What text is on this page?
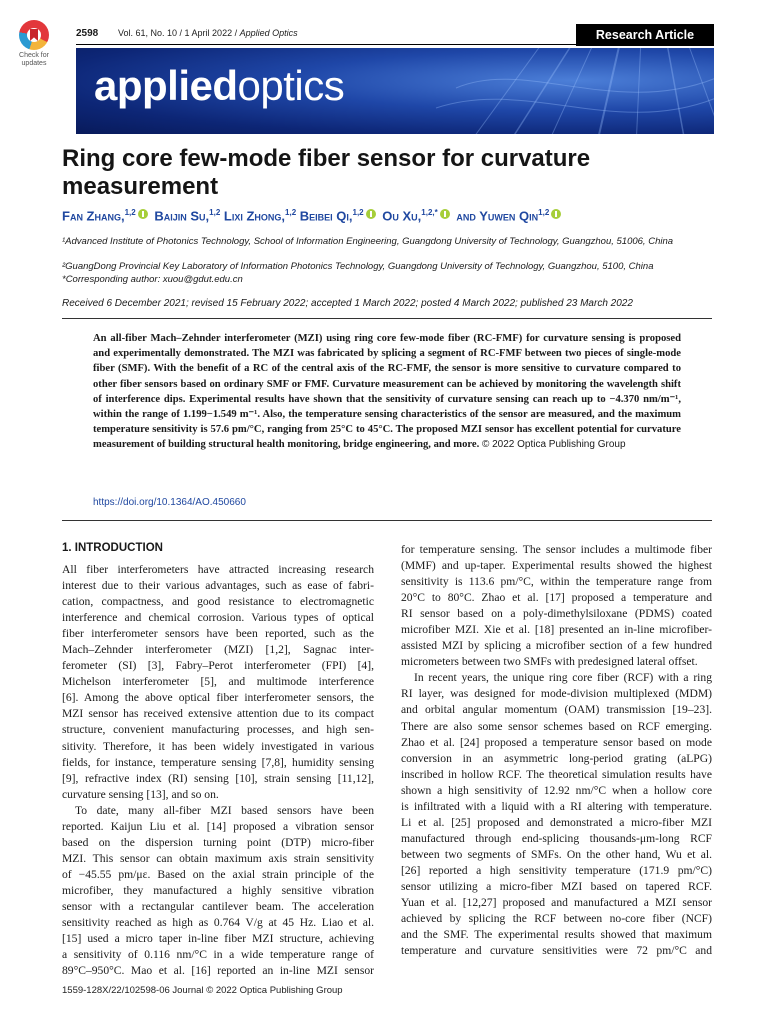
Check for updates
2598 Vol. 61, No. 10 / 1 April 2022 / Applied Optics	Research Article
appliedoptics
Ring core few-mode fiber sensor for curvature measurement
Fan Zhang,$^{1,2}$ Baijin Su,$^{1,2}$ Lixi Zhong,$^{1,2}$ Beibei Qi,$^{1,2}$ Ou Xu,$^{1,2,*}$ and Yuwen Qin$^{1,2}$
¹Advanced Institute of Photonics Technology, School of Information Engineering, Guangdong University of Technology, Guangzhou, 51006, China
²GuangDong Provincial Key Laboratory of Information Photonics Technology, Guangdong University of Technology, Guangzhou, 5100, China
*Corresponding author: xuou@gdut.edu.cn
Received 6 December 2021; revised 15 February 2022; accepted 1 March 2022; posted 4 March 2022; published 23 March 2022
An all-fiber Mach–Zehnder interferometer (MZI) using ring core few-mode fiber (RC-FMF) for curvature sensing is proposed and experimentally demonstrated. The MZI was fabricated by splicing a segment of RC-FMF between two pieces of single-mode fiber (SMF). With the benefit of a RC of the central axis of the RC-FMF, the sensor is more sensitive to curvature compared to other fiber sensors based on ordinary SMF or FMF. Curvature measurement can be achieved by monitoring the wavelength shift of interference dips. Experimental results have shown that the sensitivity of curvature sensing can reach up to −4.370 nm/m⁻¹, within the range of 1.199−1.549 m⁻¹. Also, the temperature sensing characteristics of the sensor are measured, and the maximum temperature sensitivity is 57.6 pm/°C, ranging from 25°C to 45°C. The proposed MZI sensor has excellent potential for curvature measurement of building structural health monitoring, bridge engineering, and more. © 2022 Optica Publishing Group
https://doi.org/10.1364/AO.450660
1. INTRODUCTION
All fiber interferometers have attracted increasing research
interest due to their various advantages, such as ease of fabri-
cation, compactness, and good resistance to electromagnetic
interference and chemical corrosion. Various types of optical
fiber interferometer sensors have been reported, such as the
Mach–Zehnder interferometer (MZI) [1,2], Sagnac inter-
ferometer (SI) [3], Fabry–Perot interferometer (FPI) [4],
Michelson interferometer [5], and multimode interference
[6]. Among the above optical fiber interferometer sensors, the
MZI sensor has received extensive attention due to its compact
structure, convenient manufacturing processes, and high sen-
sitivity. Therefore, it has been widely investigated in various
fields, for instance, temperature sensing [7,8], humidity sensing
[9], refractive index (RI) sensing [10], strain sensing [11,12],
curvature sensing [13], and so on.
To date, many all-fiber MZI based sensors have been
reported. Kaijun Liu et al. [14] proposed a vibration sensor
based on the dispersion turning point (DTP) micro-fiber
MZI. This sensor can obtain maximum axis strain sensitivity
of −45.55 pm/με. Based on the axial strain principle of the
microfiber, they manufactured a highly sensitive vibration
sensor with a rectangular cantilever beam. The acceleration
sensitivity reached as high as 0.764 V/g at 45 Hz. Liao et al.
[15] used a micro taper in-line fiber MZI structure, achieving
a sensitivity of 0.116 nm/°C in a wide temperature range of
89°C–950°C. Mao et al. [16] reported an in-line MZI sensor
for temperature sensing. The sensor includes a multimode fiber
(MMF) and up-taper. Experimental results showed the highest
sensitivity is 113.6 pm/°C, within the temperature range from
20°C to 80°C. Zhao et al. [17] proposed a temperature and
RI sensor based on a poly-dimethylsiloxane (PDMS) coated
microfiber MZI. Xie et al. [18] presented an in-line microfiber-
assisted MZI by splicing a microfiber section of a few hundred
micrometers between two SMFs with predesigned lateral offset.
In recent years, the unique ring core fiber (RCF) with a ring
RI layer, was designed for mode-division multiplexed (MDM)
and orbital angular momentum (OAM) transmission [19–23].
There are also some sensor schemes based on RCF emerging.
Zhao et al. [24] proposed a temperature sensor based on mode
conversion in an asymmetric long-period grating (aLPG)
inscribed in hollow RCF. The theoretical simulation results have
shown a high sensitivity of 12.92 nm/°C when a hollow core
is infiltrated with a liquid with a RI altering with temperature.
Li et al. [25] proposed and demonstrated a micro-fiber MZI
manufactured through end-splicing thousands-μm-long RCF
between two segments of SMFs. On the other hand, Wu et al.
[26] reported a high sensitivity temperature (171.9 pm/°C)
sensor utilizing a micro-fiber MZI based on tapered RCF.
Yuan et al. [12,27] proposed and manufactured a MZI sensor
achieved by splicing the RCF between no-core fiber (NCF)
and the SMF. The experimental results showed that maximum
temperature and curvature sensitivities were 72 pm/°C and
1559-128X/22/102598-06 Journal © 2022 Optica Publishing Group
